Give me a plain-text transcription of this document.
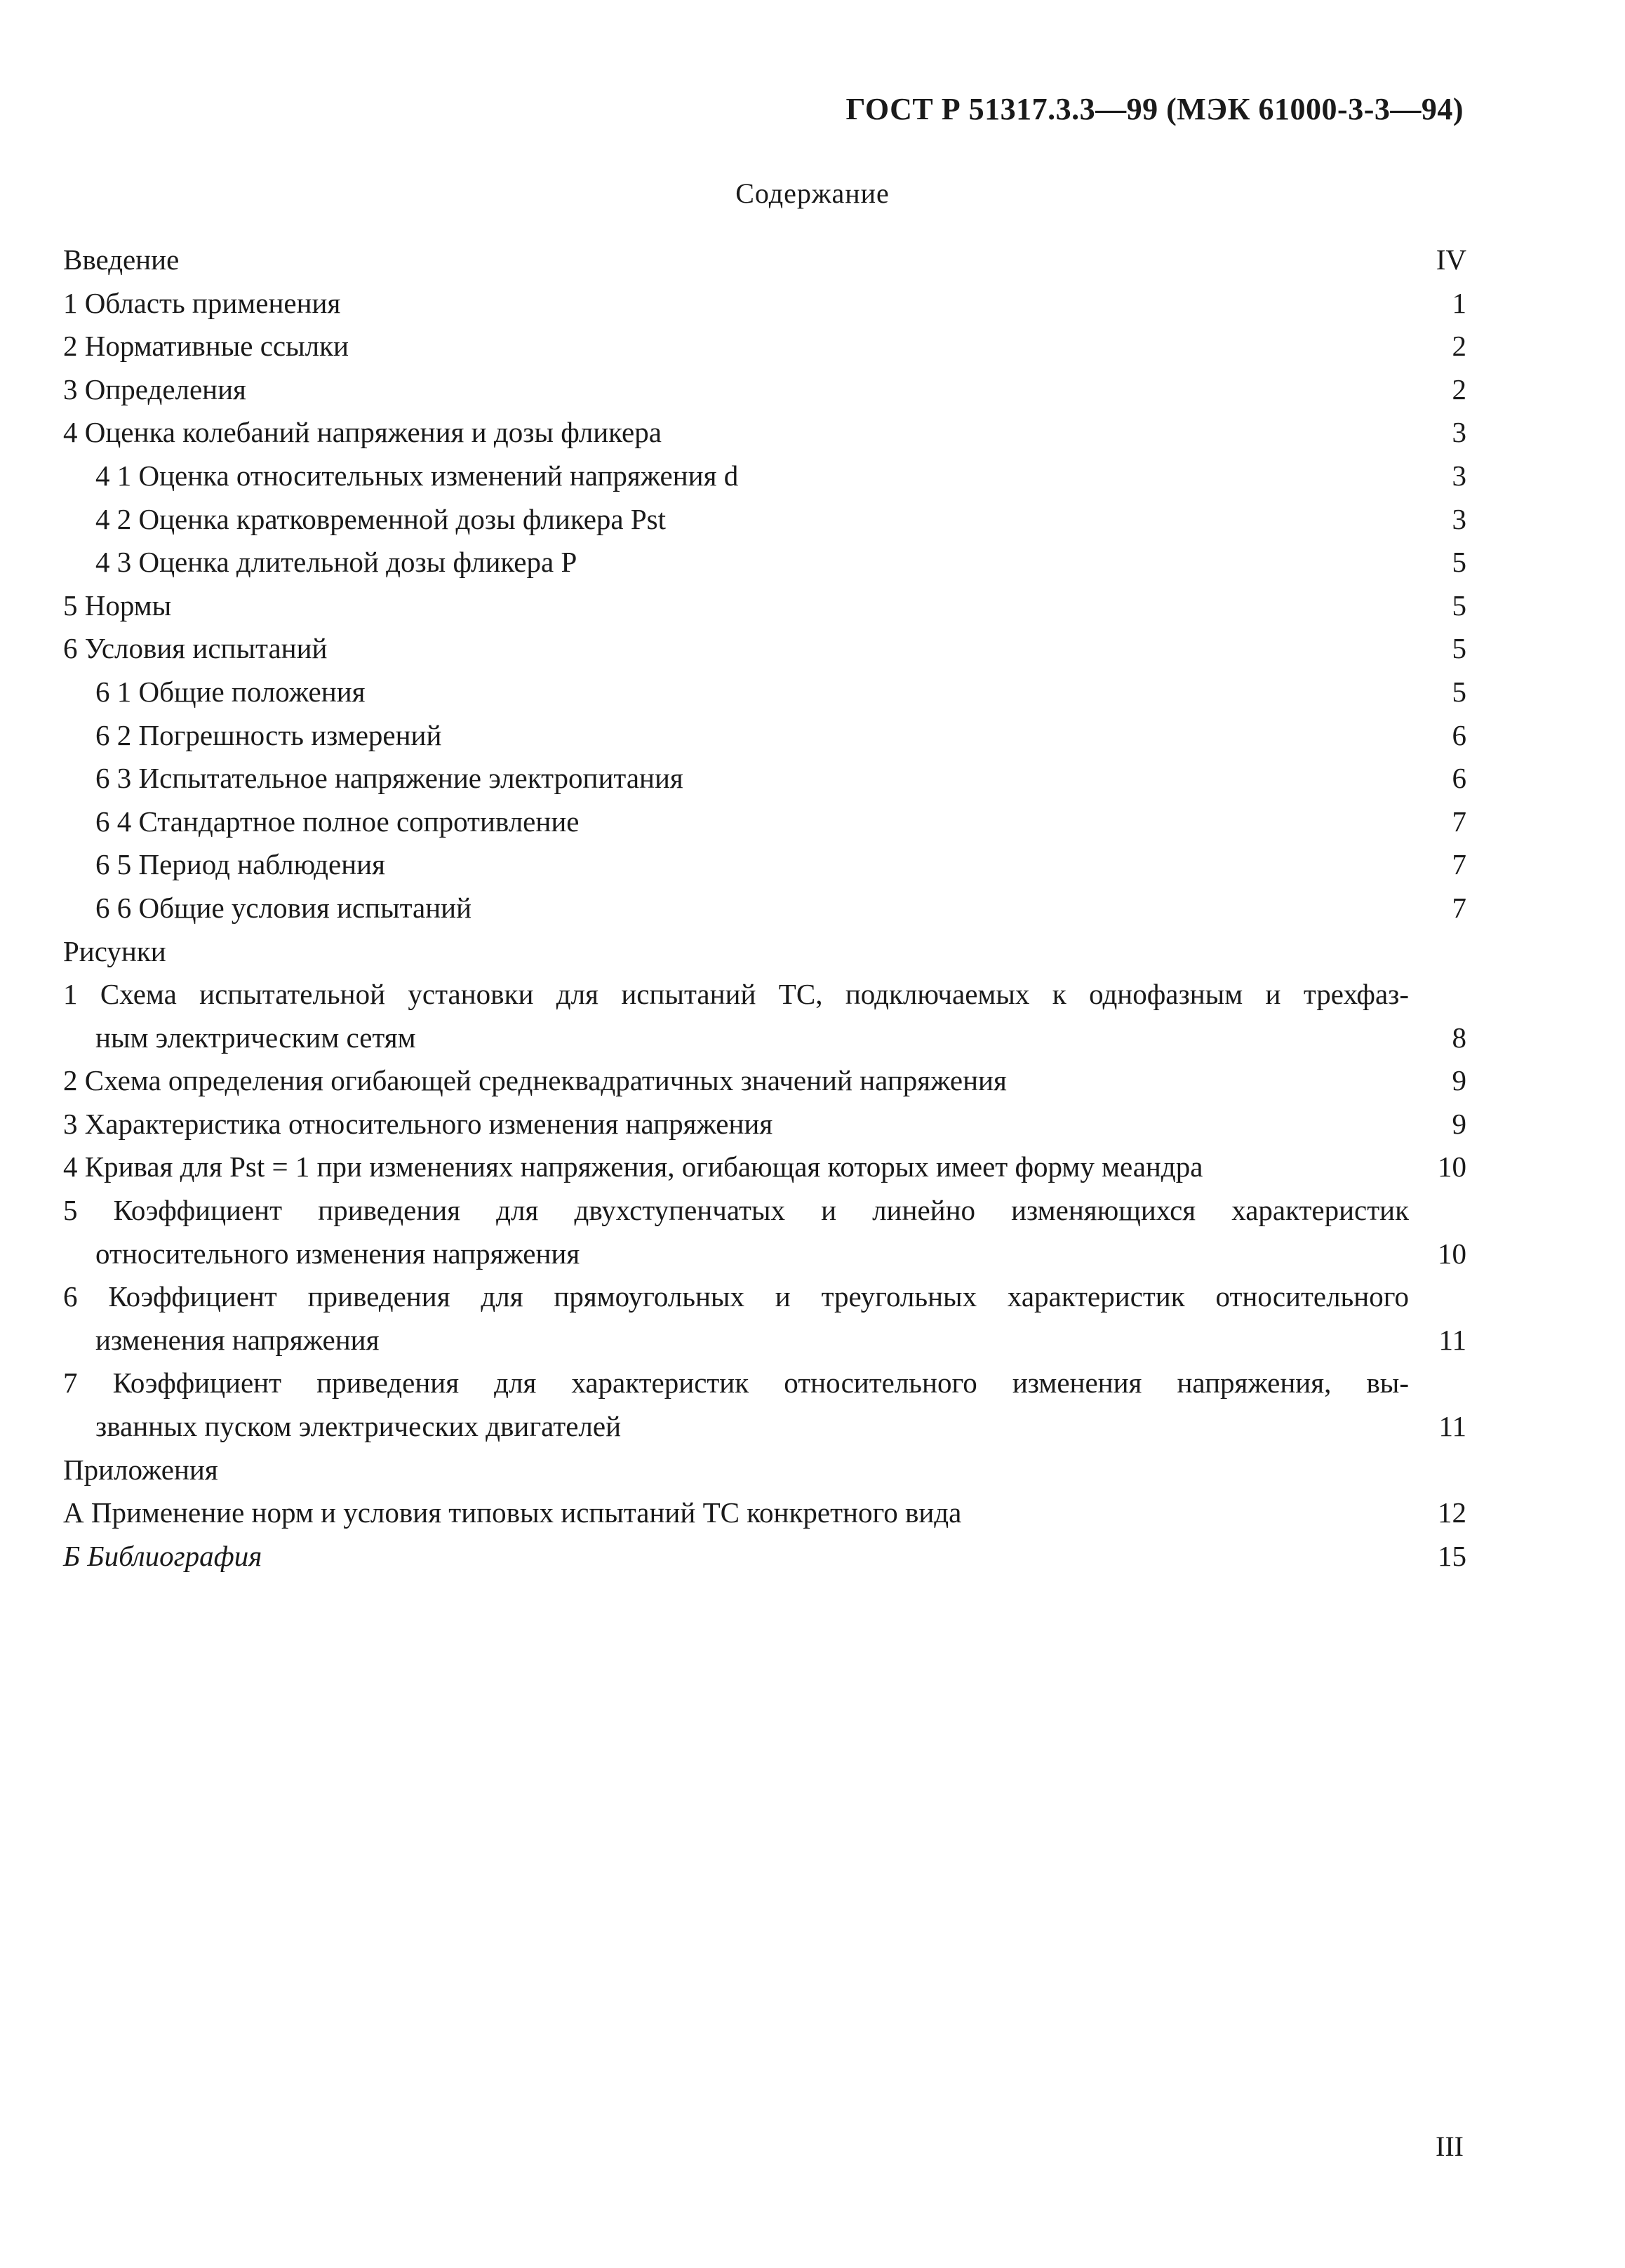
ГОСТ Р 51317.3.3—99 (МЭК 61000-3-3—94)
Содержание
Введение	IV
1 Область применения	1
2 Нормативные ссылки	2
3 Определения	2
4 Оценка колебаний напряжения и дозы фликера	3
4 1 Оценка относительных изменений напряжения d	3
4 2 Оценка кратковременной дозы фликера Pst	3
4 3 Оценка длительной дозы фликера P	5
5 Нормы	5
6 Условия испытаний	5
6 1 Общие положения	5
6 2 Погрешность измерений	6
6 3 Испытательное напряжение электропитания	6
6 4 Стандартное полное сопротивление	7
6 5 Период наблюдения	7
6 6 Общие условия испытаний	7
Рисунки
1 Схема испытательной установки для испытаний ТС, подключаемых к однофазным и трехфаз-
ным электрическим сетям	8
2 Схема определения огибающей среднеквадратичных значений напряжения	9
3 Характеристика относительного изменения напряжения	9
4 Кривая для Pst = 1 при изменениях напряжения, огибающая которых имеет форму меандра	10
5 Коэффициент приведения для двухступенчатых и линейно изменяющихся характеристик
относительного изменения напряжения	10
6 Коэффициент приведения для прямоугольных и треугольных характеристик относительного
изменения напряжения	11
7 Коэффициент приведения для характеристик относительного изменения напряжения, вы-
званных пуском электрических двигателей	11
Приложения
А Применение норм и условия типовых испытаний ТС конкретного вида	12
Б Библиография	15
III
